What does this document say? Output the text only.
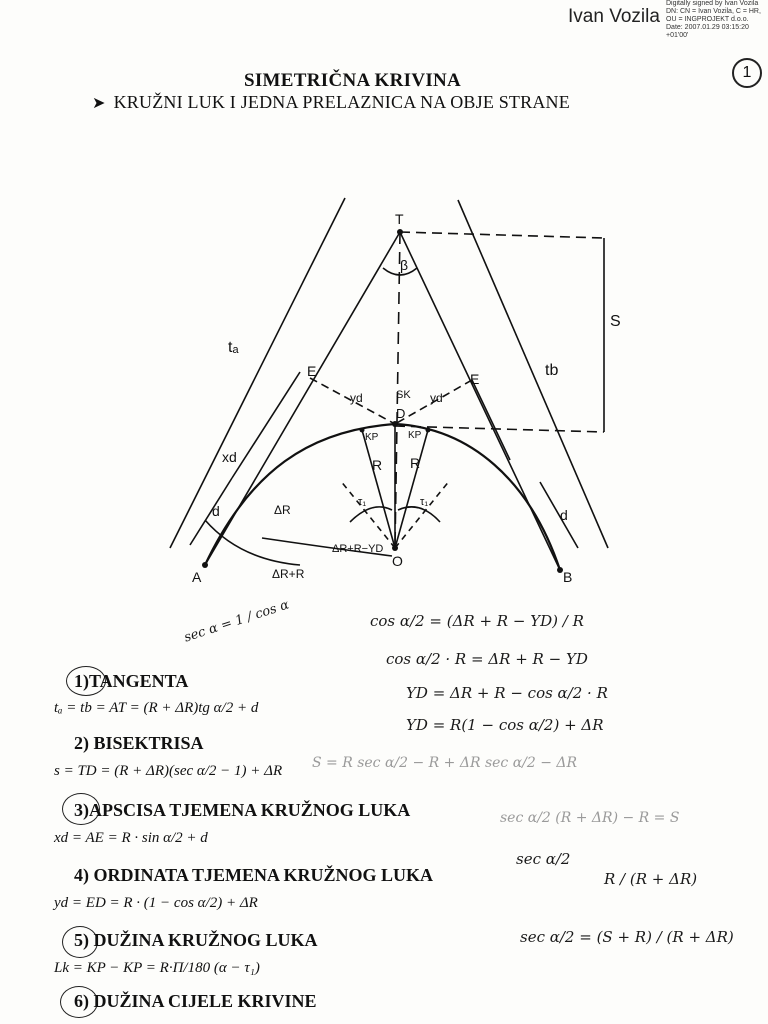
Ivan Vozila
Digitally signed by Ivan Vozila
DN: CN = Ivan Vozila, C = HR,
OU = INGPROJEKT d.o.o.
Date: 2007.01.29 03:15:20
+01'00'
1
SIMETRIČNA KRIVINA
➤ KRUŽNI LUK I JEDNA PRELAZNICA NA OBJE STRANE
T
β
S
tₐ
tb
E	E
SK
D
yd	yd
KP	KP
xd
d	d
R R
ΔR
τ₁	τ₁
A	B
O
ΔR+R−YD
ΔR+R
sec α = 1 / cos α	cos α/2 = (ΔR + R − YD) / R
cos α/2 · R = ΔR + R − YD
YD = ΔR + R − cos α/2 · R
YD = R(1 − cos α/2) + ΔR
S = R sec α/2 − R + ΔR sec α/2 − ΔR
sec α/2 (R + ΔR) − R = S
sec α/2
R / (R + ΔR)
sec α/2 = (S + R) / (R + ΔR)
1)TANGENTA
tₐ = tb = AT = (R + ΔR)tg α/2 + d
2) BISEKTRISA
s = TD = (R + ΔR)(sec α/2 − 1) + ΔR
3)APSCISA TJEMENA KRUŽNOG LUKA
xd = AE = R · sin α/2 + d
4) ORDINATA TJEMENA KRUŽNOG LUKA
yd = ED = R · (1 − cos α/2) + ΔR
5) DUŽINA KRUŽNOG LUKA
Lk = KP − KP = R·Π/180 (α − τ₁)
6) DUŽINA CIJELE KRIVINE
